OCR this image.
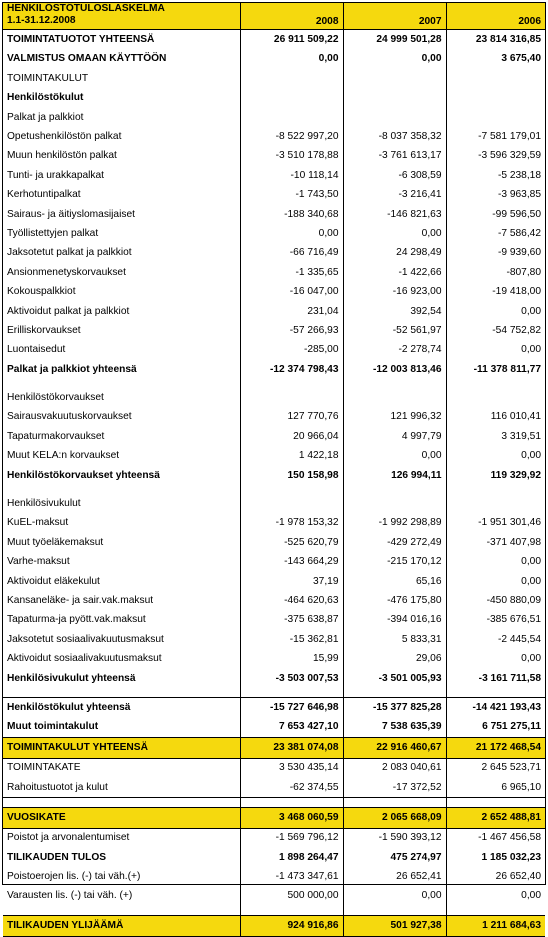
HENKILÖSTÖTULOSLASKELMA
1.1-31.12.2008	2008	2007	2006
TOIMINTATUOTOT YHTEENSÄ	26 911 509,22	24 999 501,28	23 814 316,85
VALMISTUS OMAAN KÄYTTÖÖN	0,00	0,00	3 675,40
TOIMINTAKULUT			
Henkilöstökulut			
Palkat ja palkkiot			
Opetushenkilöstön palkat	-8 522 997,20	-8 037 358,32	-7 581 179,01
Muun henkilöstön palkat	-3 510 178,88	-3 761 613,17	-3 596 329,59
Tunti- ja urakkapalkat	-10 118,14	-6 308,59	-5 238,18
Kerhotuntipalkat	-1 743,50	-3 216,41	-3 963,85
Sairaus- ja äitiyslomasijaiset	-188 340,68	-146 821,63	-99 596,50
Työllistettyjen palkat	0,00	0,00	-7 586,42
Jaksotetut palkat ja palkkiot	-66 716,49	24 298,49	-9 939,60
Ansionmenetyskorvaukset	-1 335,65	-1 422,66	-807,80
Kokouspalkkiot	-16 047,00	-16 923,00	-19 418,00
Aktivoidut palkat ja palkkiot	231,04	392,54	0,00
Erilliskorvaukset	-57 266,93	-52 561,97	-54 752,82
Luontaisedut	-285,00	-2 278,74	0,00
Palkat ja palkkiot yhteensä	-12 374 798,43	-12 003 813,46	-11 378 811,77

Henkilöstökorvaukset			
Sairausvakuutuskorvaukset	127 770,76	121 996,32	116 010,41
Tapaturmakorvaukset	20 966,04	4 997,79	3 319,51
Muut KELA:n korvaukset	1 422,18	0,00	0,00
Henkilöstökorvaukset yhteensä	150 158,98	126 994,11	119 329,92

Henkilösivukulut			
KuEL-maksut	-1 978 153,32	-1 992 298,89	-1 951 301,46
Muut työeläkemaksut	-525 620,79	-429 272,49	-371 407,98
Varhe-maksut	-143 664,29	-215 170,12	0,00
Aktivoidut eläkekulut	37,19	65,16	0,00
Kansaneläke- ja sair.vak.maksut	-464 620,63	-476 175,80	-450 880,09
Tapaturma-ja pyött.vak.maksut	-375 638,87	-394 016,16	-385 676,51
Jaksotetut sosiaalivakuutusmaksut	-15 362,81	5 833,31	-2 445,54
Aktivoidut sosiaalivakuutusmaksut	15,99	29,06	0,00
Henkilösivukulut yhteensä	-3 503 007,53	-3 501 005,93	-3 161 711,58

Henkilöstökulut yhteensä	-15 727 646,98	-15 377 825,28	-14 421 193,43
Muut toimintakulut	7 653 427,10	7 538 635,39	6 751 275,11
TOIMINTAKULUT YHTEENSÄ	23 381 074,08	22 916 460,67	21 172 468,54
TOIMINTAKATE	3 530 435,14	2 083 040,61	2 645 523,71
Rahoitustuotot ja kulut	-62 374,55	-17 372,52	6 965,10

VUOSIKATE	3 468 060,59	2 065 668,09	2 652 488,81
Poistot ja arvonalentumiset	-1 569 796,12	-1 590 393,12	-1 467 456,58
TILIKAUDEN TULOS	1 898 264,47	475 274,97	1 185 032,23
Poistoerojen lis. (-) tai väh.(+)	-1 473 347,61	26 652,41	26 652,40
Varausten lis. (-) tai väh. (+)	500 000,00	0,00	0,00

TILIKAUDEN YLIJÄÄMÄ	924 916,86	501 927,38	1 211 684,63
